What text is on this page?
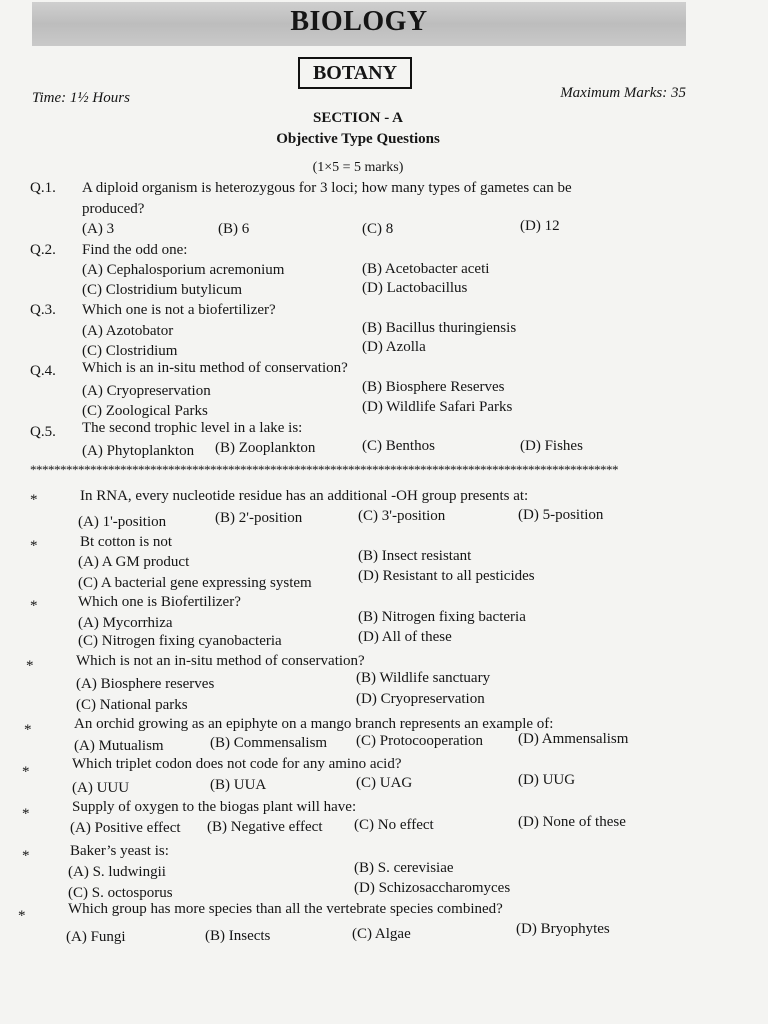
BIOLOGY
BOTANY
Time: 1½ Hours	Maximum Marks: 35
SECTION - A
Objective Type Questions
(1×5 = 5 marks)
Q.1. A diploid organism is heterozygous for 3 loci; how many types of gametes can be
produced?
(A) 3	(B) 6	(C) 8	(D) 12
Q.2. Find the odd one:
(A) Cephalosporium acremonium	(B) Acetobacter aceti
(C) Clostridium butylicum	(D) Lactobacillus
Q.3. Which one is not a biofertilizer?
(A) Azotobator	(B) Bacillus thuringiensis
(C) Clostridium	(D) Azolla
Q.4. Which is an in-situ method of conservation?
(A) Cryopreservation	(B) Biosphere Reserves
(C) Zoological Parks	(D) Wildlife Safari Parks
Q.5. The second trophic level in a lake is:
(A) Phytoplankton (B) Zooplankton	(C) Benthos	(D) Fishes
**************************************************************************************************
*	In RNA, every nucleotide residue has an additional -OH group presents at:
(A) 1'-position	(B) 2'-position	(C) 3'-position	(D) 5-position
*	Bt cotton is not
(A) A GM product	(B) Insect resistant
(C) A bacterial gene expressing system	(D) Resistant to all pesticides
*	Which one is Biofertilizer?
(A) Mycorrhiza	(B) Nitrogen fixing bacteria
(C) Nitrogen fixing cyanobacteria	(D) All of these
*	Which is not an in-situ method of conservation?
(A) Biosphere reserves	(B) Wildlife sanctuary
(C) National parks	(D) Cryopreservation
*	An orchid growing as an epiphyte on a mango branch represents an example of:
(A) Mutualism	(B) Commensalism (C) Protocooperation (D) Ammensalism
*	Which triplet codon does not code for any amino acid?
(A) UUU	(B) UUA	(C) UAG	(D) UUG
*	Supply of oxygen to the biogas plant will have:
(A) Positive effect (B) Negative effect (C) No effect	(D) None of these
*	Baker’s yeast is:
(A) S. ludwingii	(B) S. cerevisiae
(C) S. octosporus	(D) Schizosaccharomyces
*	Which group has more species than all the vertebrate species combined?
(A) Fungi	(B) Insects	(C) Algae	(D) Bryophytes
